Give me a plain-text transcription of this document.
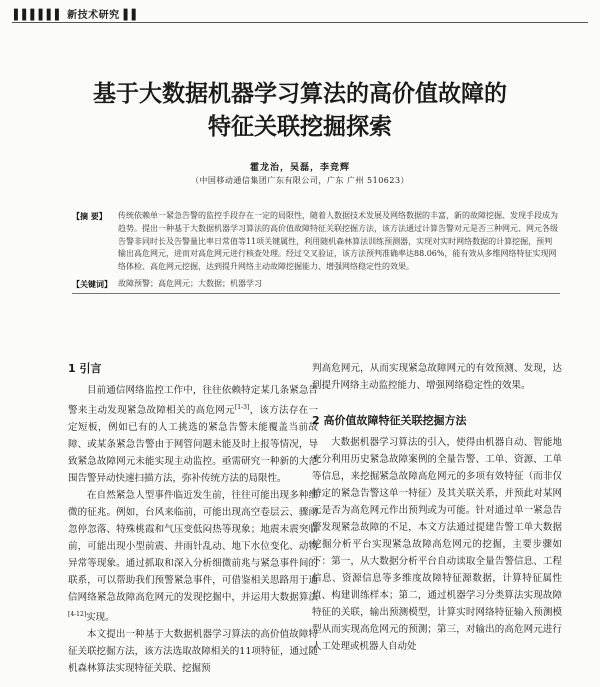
▌▌▌▌▌▌ 新技术研究 ▌▌
基于大数据机器学习算法的高价值故障的
特征关联挖掘探索
霍龙治，吴磊，李竞辉
（中国移动通信集团广东有限公司，广东 广州 510623）
【摘 要】	传统依赖单一紧急告警的监控手段存在一定的局限性，随着人数据技术发展及网络数据的丰富，新的故障挖掘、发现手段成为趋势。提出一种基于大数据机器学习算法的高价值故障特征关联挖掘方法，该方法通过计算告警对元是否三种网元、网元各级告警非同时长及告警量比率日常值等11项关键属性，利用随机森林算法训练预测器，实现对实时网络数据的计算挖掘，预判输出高危网元，进而对高危网元进行核查处理。经过交叉验证，该方法预判准确率达88.06%，能有效从多维网络特征实现网络体检、高危网元挖掘，达到提升网络主动故障挖掘能力、增强网络稳定性的效果。
【关键词】 故障预警；高危网元；大数据；机器学习
1 引言

目前通信网络监控工作中，往往依赖特定某几条紧急告警来主动发现紧急故障相关的高危网元[1-3]，该方法存在一定短板，例如已有的人工挑选的紧急告警未能覆盖当前故障、或某条紧急告警由于网管问题未能及时上报等情况，导致紧急故障网元未能实现主动监控。亟需研究一种新的大范围告警异动快速扫描方法，弥补传统方法的局限性。

在自然紧急人型事件临近发生前，往往可能出现多种细微的征兆。例如，台风来临前，可能出现高空卷层云、骤雨忽停忽落、特殊桃霞和气压变低闷热等现象；地震未震突临前，可能出现小型前震、井雨针乱动、地下水位变化、动物异常等现象。通过抓取和深入分析细微前兆与紧急事件间的联系，可以帮助我们预警紧急事件，可借鉴相关思路用于通信网络紧急故障高危网元的发现挖掘中，并运用大数据算法[4-12]实现。

本文提出一种基于大数据机器学习算法的高价值故障特征关联挖掘方法，该方法选取故障相关的11项特征，通过随机森林算法实现特征关联、挖掘预

判高危网元，从而实现紧急故障网元的有效预测、发现，达到提升网络主动监控能力、增强网络稳定性的效果。

2 高价值故障特征关联挖掘方法

大数据机器学习算法的引入，使得由机器自动、智能地充分利用历史紧急故障案例的全量告警、工单、资源、工单等信息，来挖掘紧急故障高危网元的多项有效特征（而非仅特定的紧急告警这单一特征）及其关联关系，并预此对某网元是否为高危网元作出预判或为可能。针对通过单一紧急告警发现紧急故障的不足，本文方法通过提建告警工单大数据挖掘分析平台实现紧急故障高危网元的挖掘，主要步骤如下：第一，从大数据分析平台自动读取全量告警信息、工程信息、资源信息等多维度故障特征源数据，计算特征属性值、构建训练样本；第二，通过机器学习分类算法实现故障特征的关联，输出预测模型，计算实时网络特征输入预测模型从而实现高危网元的预测；第三，对输出的高危网元进行人工处理或机器人自动处
